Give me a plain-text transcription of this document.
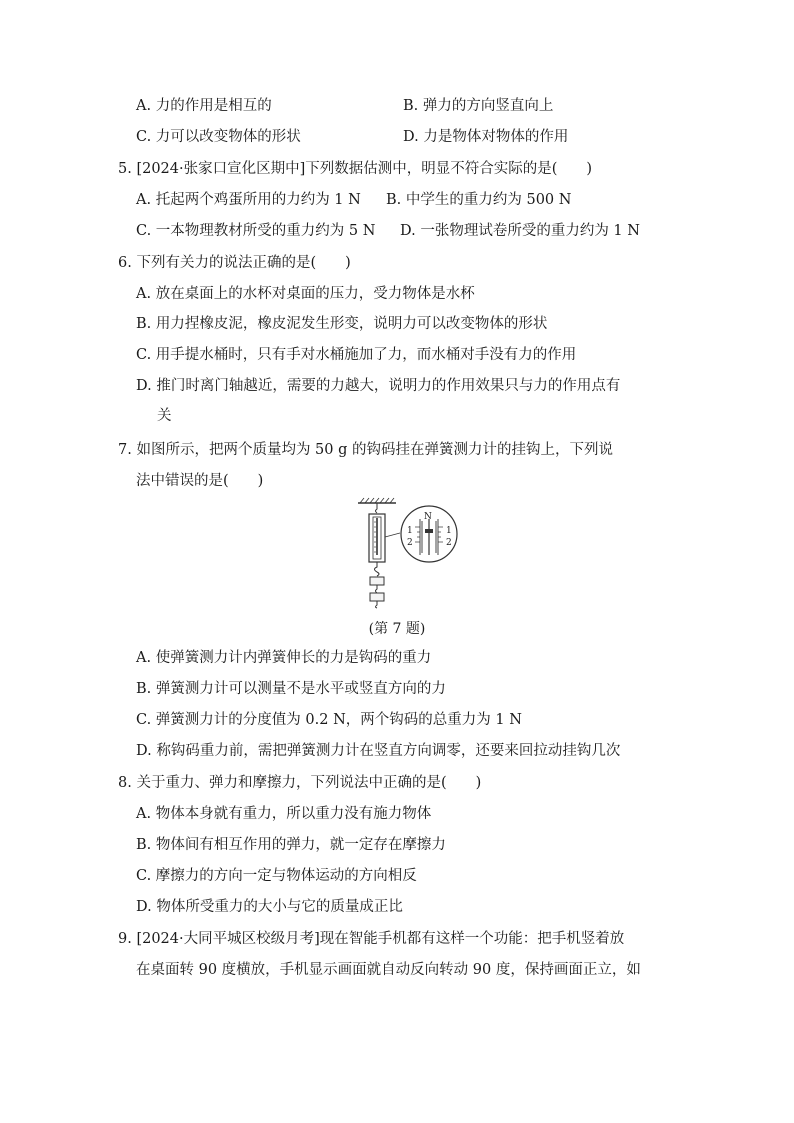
A. 力的作用是相互的	B. 弹力的方向竖直向上
C. 力可以改变物体的形状	D. 力是物体对物体的作用
5. [2024·张家口宣化区期中]下列数据估测中，明显不符合实际的是(　　)
A. 托起两个鸡蛋所用的力约为 1 N B. 中学生的重力约为 500 N
C. 一本物理教材所受的重力约为 5 N D. 一张物理试卷所受的重力约为 1 N
6. 下列有关力的说法正确的是(　　)
A. 放在桌面上的水杯对桌面的压力，受力物体是水杯
B. 用力捏橡皮泥，橡皮泥发生形变，说明力可以改变物体的形状
C. 用手提水桶时，只有手对水桶施加了力，而水桶对手没有力的作用
D. 推门时离门轴越近，需要的力越大，说明力的作用效果只与力的作用点有
关
7. 如图所示，把两个质量均为 50 g 的钩码挂在弹簧测力计的挂钩上，下列说
法中错误的是(　　)
N
1
2
1
2
(第 7 题)
A. 使弹簧测力计内弹簧伸长的力是钩码的重力
B. 弹簧测力计可以测量不是水平或竖直方向的力
C. 弹簧测力计的分度值为 0.2 N，两个钩码的总重力为 1 N
D. 称钩码重力前，需把弹簧测力计在竖直方向调零，还要来回拉动挂钩几次
8. 关于重力、弹力和摩擦力，下列说法中正确的是(　　)
A. 物体本身就有重力，所以重力没有施力物体
B. 物体间有相互作用的弹力，就一定存在摩擦力
C. 摩擦力的方向一定与物体运动的方向相反
D. 物体所受重力的大小与它的质量成正比
9. [2024·大同平城区校级月考]现在智能手机都有这样一个功能：把手机竖着放
在桌面转 90 度横放，手机显示画面就自动反向转动 90 度，保持画面正立，如
